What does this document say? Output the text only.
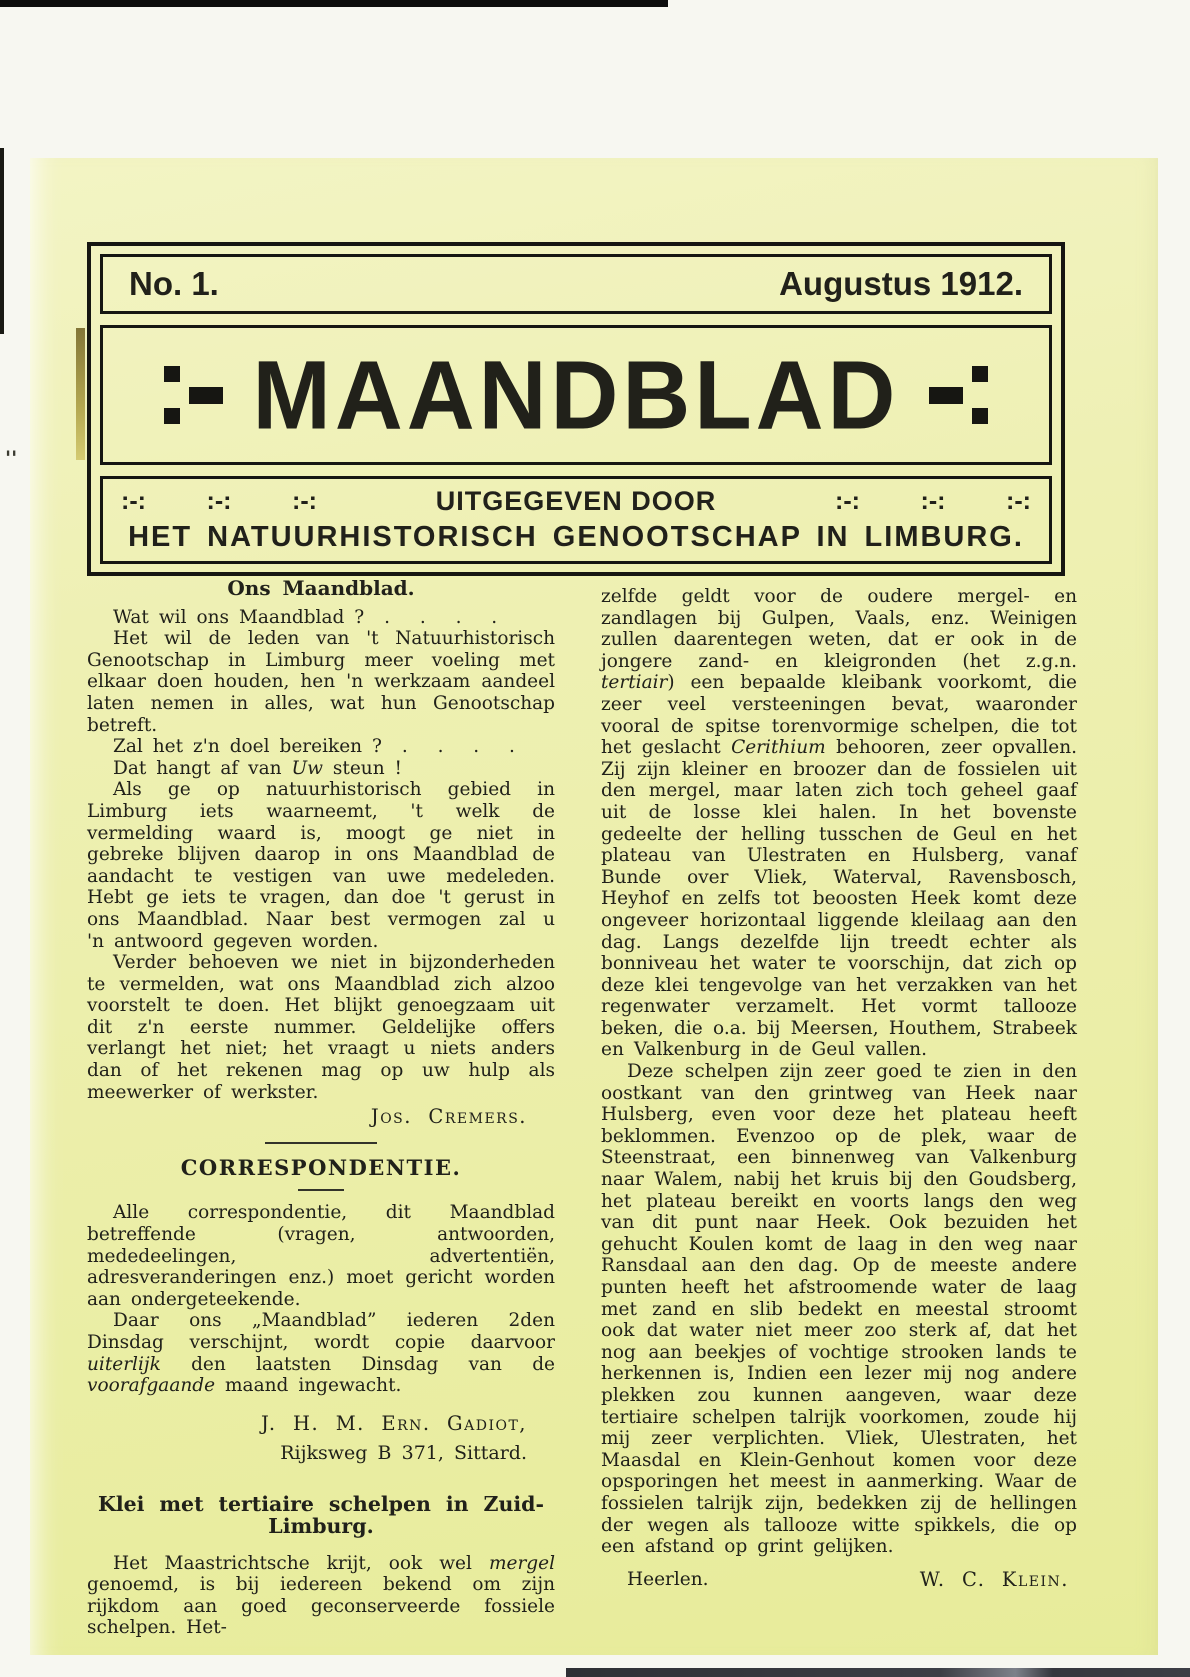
No. 1.	Augustus 1912.
MAANDBLAD
:-: :-: :-:	UITGEGEVEN DOOR	:-: :-: :-:
HET NATUURHISTORISCH GENOOTSCHAP IN LIMBURG.
Ons Maandblad.

Wat wil ons Maandblad ?  .   .   .   .

Het wil de leden van 't Natuurhistorisch Genootschap in Limburg meer voeling met elkaar doen houden, hen 'n werkzaam aandeel laten nemen in alles, wat hun Genootschap betreft.

Zal het z'n doel bereiken ?  .   .   .   .

Dat hangt af van Uw steun !

Als ge op natuurhistorisch gebied in Limburg iets waarneemt, 't welk de vermelding waard is, moogt ge niet in gebreke blijven daarop in ons Maandblad de aandacht te vestigen van uwe medeleden. Hebt ge iets te vragen, dan doe 't gerust in ons Maandblad. Naar best vermogen zal u 'n antwoord gegeven worden.

Verder behoeven we niet in bijzonderheden te vermelden, wat ons Maandblad zich alzoo voorstelt te doen. Het blijkt genoegzaam uit dit z'n eerste nummer. Geldelijke offers verlangt het niet; het vraagt u niets anders dan of het rekenen mag op uw hulp als meewerker of werkster.

Jos. Cremers.
CORRESPONDENTIE.

Alle correspondentie, dit Maandblad betreffende (vragen, antwoorden, mededeelingen, advertentiën, adresveranderingen enz.) moet gericht worden aan ondergeteekende.

Daar ons „Maandblad” iederen 2den Dinsdag verschijnt, wordt copie daarvoor uiterlijk den laatsten Dinsdag van de voorafgaande maand ingewacht.

J. H. M. Ern. Gadiot,
Rijksweg B 371, Sittard.
Klei met tertiaire schelpen in Zuid-Limburg.

Het Maastrichtsche krijt, ook wel mergel genoemd, is bij iedereen bekend om zijn rijkdom aan goed geconserveerde fossiele schelpen. Het-

zelfde geldt voor de oudere mergel- en zandlagen bij Gulpen, Vaals, enz. Weinigen zullen daarentegen weten, dat er ook in de jongere zand- en kleigronden (het z.g.n. tertiair) een bepaalde kleibank voorkomt, die zeer veel versteeningen bevat, waaronder vooral de spitse torenvormige schelpen, die tot het geslacht Cerithium behooren, zeer opvallen. Zij zijn kleiner en broozer dan de fossielen uit den mergel, maar laten zich toch geheel gaaf uit de losse klei halen. In het bovenste gedeelte der helling tusschen de Geul en het plateau van Ulestraten en Hulsberg, vanaf Bunde over Vliek, Waterval, Ravensbosch, Heyhof en zelfs tot beoosten Heek komt deze ongeveer horizontaal liggende kleilaag aan den dag. Langs dezelfde lijn treedt echter als bonniveau het water te voorschijn, dat zich op deze klei tengevolge van het verzakken van het regenwater verzamelt. Het vormt tallooze beken, die o.a. bij Meersen, Houthem, Strabeek en Valkenburg in de Geul vallen.

Deze schelpen zijn zeer goed te zien in den oostkant van den grintweg van Heek naar Hulsberg, even voor deze het plateau heeft beklommen. Evenzoo op de plek, waar de Steenstraat, een binnenweg van Valkenburg naar Walem, nabij het kruis bij den Goudsberg, het plateau bereikt en voorts langs den weg van dit punt naar Heek. Ook bezuiden het gehucht Koulen komt de laag in den weg naar Ransdaal aan den dag. Op de meeste andere punten heeft het afstroomende water de laag met zand en slib bedekt en meestal stroomt ook dat water niet meer zoo sterk af, dat het nog aan beekjes of vochtige strooken lands te herkennen is, Indien een lezer mij nog andere plekken zou kunnen aangeven, waar deze tertiaire schelpen talrijk voorkomen, zoude hij mij zeer verplichten. Vliek, Ulestraten, het Maasdal en Klein-Genhout komen voor deze opsporingen het meest in aanmerking. Waar de fossielen talrijk zijn, bedekken zij de hellingen der wegen als tallooze witte spikkels, die op een afstand op grint gelijken.

Heerlen.	W. C. Klein.
''
